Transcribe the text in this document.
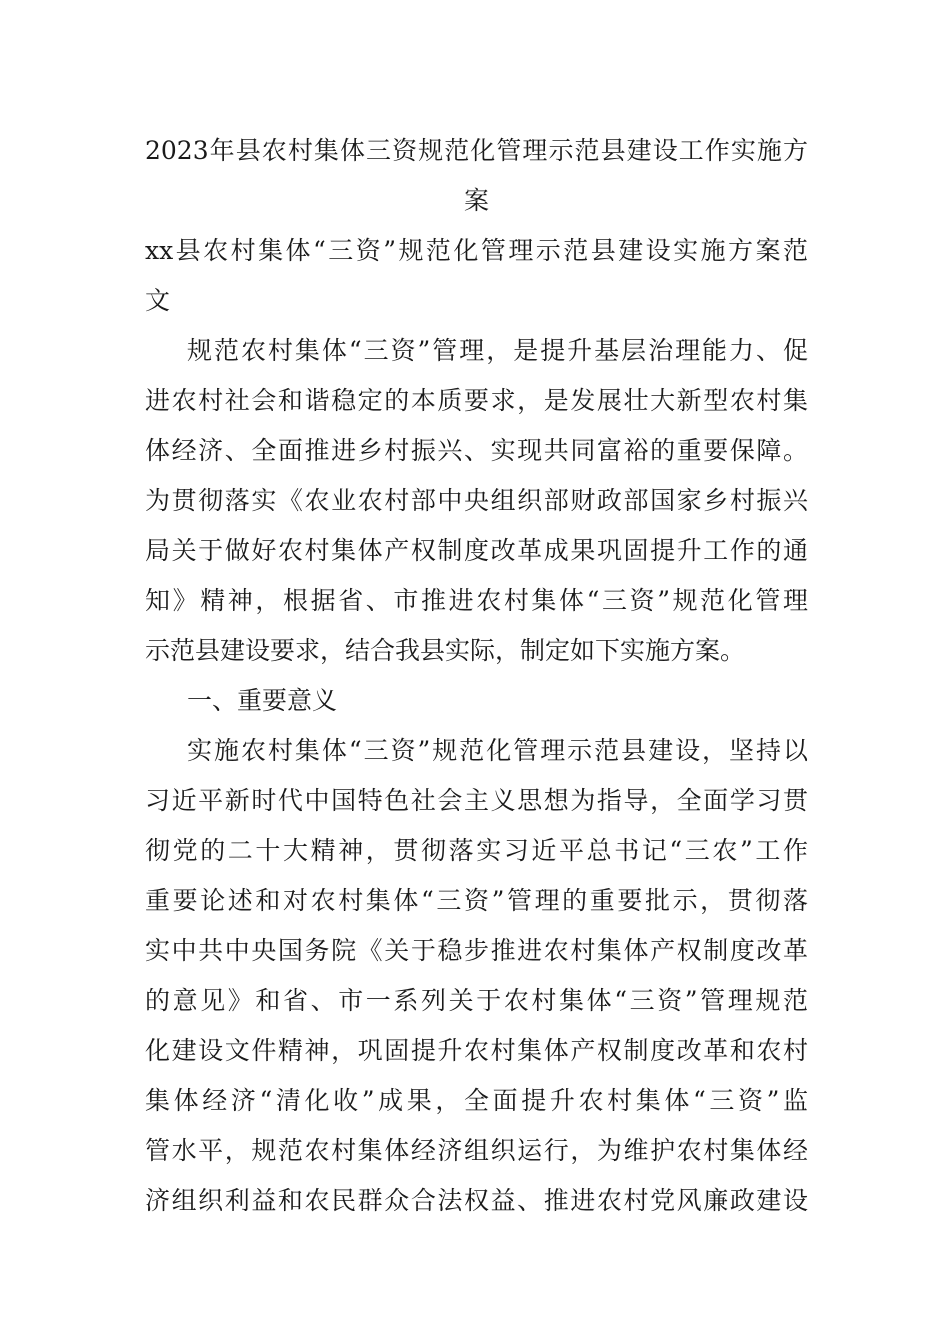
2023年县农村集体三资规范化管理示范县建设工作实施方
案
xx县农村集体“三资”规范化管理示范县建设实施方案范
文
规范农村集体“三资”管理，是提升基层治理能力、促
进农村社会和谐稳定的本质要求，是发展壮大新型农村集
体经济、全面推进乡村振兴、实现共同富裕的重要保障。
为贯彻落实《农业农村部中央组织部财政部国家乡村振兴
局关于做好农村集体产权制度改革成果巩固提升工作的通
知》精神，根据省、市推进农村集体“三资”规范化管理
示范县建设要求，结合我县实际，制定如下实施方案。
一、重要意义
实施农村集体“三资”规范化管理示范县建设，坚持以
习近平新时代中国特色社会主义思想为指导，全面学习贯
彻党的二十大精神，贯彻落实习近平总书记“三农”工作
重要论述和对农村集体“三资”管理的重要批示，贯彻落
实中共中央国务院《关于稳步推进农村集体产权制度改革
的意见》和省、市一系列关于农村集体“三资”管理规范
化建设文件精神，巩固提升农村集体产权制度改革和农村
集体经济“清化收”成果，全面提升农村集体“三资”监
管水平，规范农村集体经济组织运行，为维护农村集体经
济组织利益和农民群众合法权益、推进农村党风廉政建设
